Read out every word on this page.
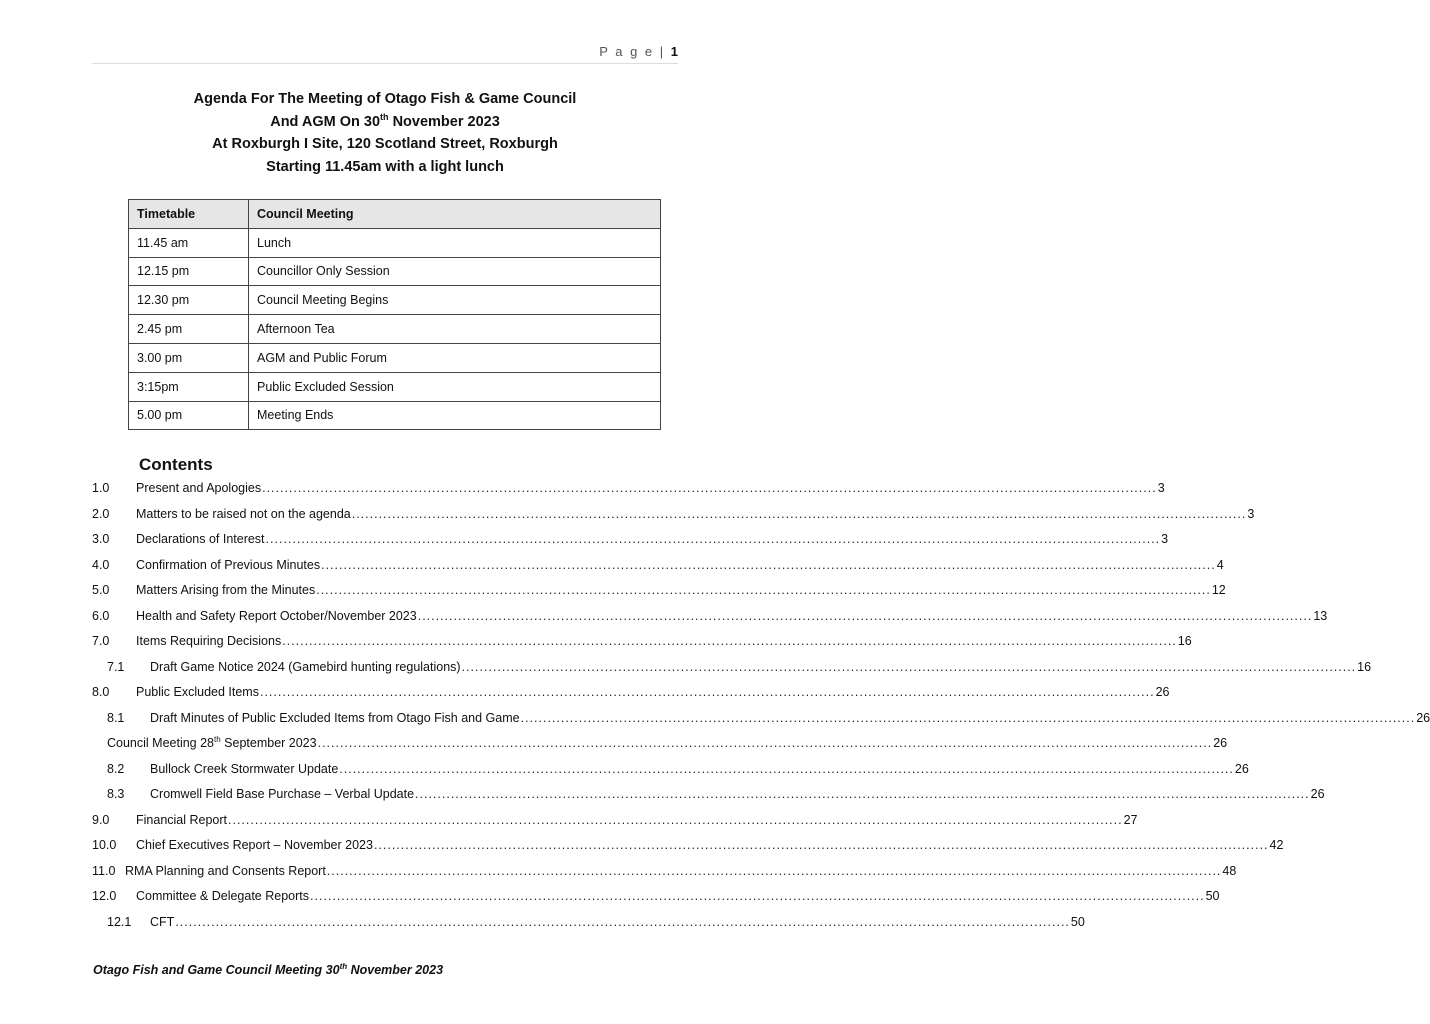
P a g e | 1
Agenda For The Meeting of Otago Fish & Game Council
And AGM On 30th November 2023
At Roxburgh I Site, 120 Scotland Street, Roxburgh
Starting 11.45am with a light lunch
Timetable	Council Meeting
11.45 am	Lunch
12.15 pm	Councillor Only Session
12.30 pm	Council Meeting Begins
2.45 pm	Afternoon Tea
3.00 pm	AGM and Public Forum
3:15pm	Public Excluded Session
5.00 pm	Meeting Ends
Contents
1.0	Present and Apologies ........................................................................................................................................................................................................ 3
2.0	Matters to be raised not on the agenda ........................................................................................................................................................................................................ 3
3.0	Declarations of Interest ........................................................................................................................................................................................................ 3
4.0	Confirmation of Previous Minutes ........................................................................................................................................................................................................ 4
5.0	Matters Arising from the Minutes ........................................................................................................................................................................................................ 12
6.0	Health and Safety Report October/November 2023 ........................................................................................................................................................................................................ 13
7.0	Items Requiring Decisions ........................................................................................................................................................................................................ 16
7.1	Draft Game Notice 2024 (Gamebird hunting regulations) ........................................................................................................................................................................................................ 16
8.0	Public Excluded Items ........................................................................................................................................................................................................ 26
8.1	Draft Minutes of Public Excluded Items from Otago Fish and Game ........................................................................................................................................................................................................ 26
Council Meeting 28th September 2023 ........................................................................................................................................................................................................ 26
8.2	Bullock Creek Stormwater Update ........................................................................................................................................................................................................ 26
8.3	Cromwell Field Base Purchase – Verbal Update ........................................................................................................................................................................................................ 26
9.0	Financial Report ........................................................................................................................................................................................................ 27
10.0	Chief Executives Report – November 2023 ........................................................................................................................................................................................................ 42
11.0 RMA Planning and Consents Report ........................................................................................................................................................................................................ 48
12.0	Committee & Delegate Reports ........................................................................................................................................................................................................ 50
12.1	CFT ........................................................................................................................................................................................................ 50
Otago Fish and Game Council Meeting 30th November 2023
